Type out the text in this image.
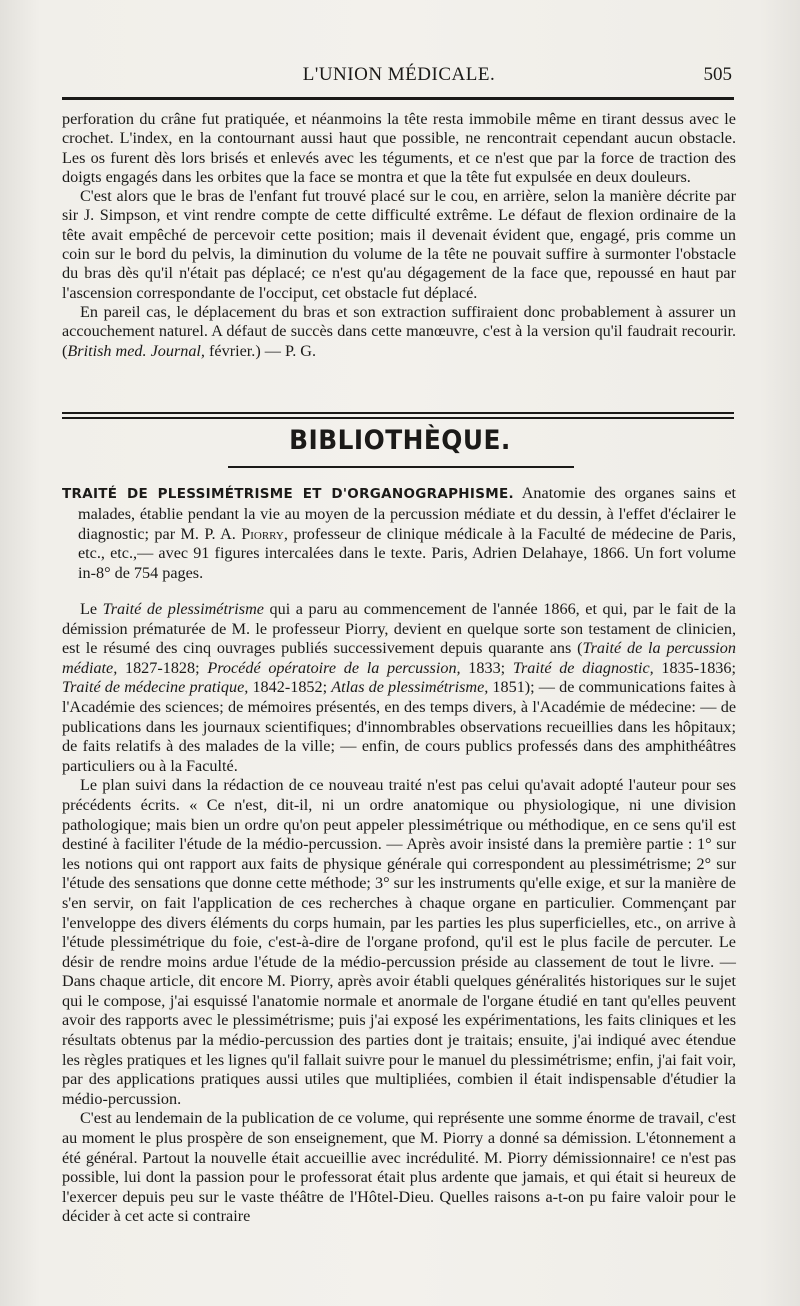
L'UNION MÉDICALE.	505

perforation du crâne fut pratiquée, et néanmoins la tête resta immobile même en tirant dessus avec le crochet. L'index, en la contournant aussi haut que possible, ne rencontrait cependant aucun obstacle. Les os furent dès lors brisés et enlevés avec les téguments, et ce n'est que par la force de traction des doigts engagés dans les orbites que la face se montra et que la tête fut expulsée en deux douleurs.

C'est alors que le bras de l'enfant fut trouvé placé sur le cou, en arrière, selon la manière décrite par sir J. Simpson, et vint rendre compte de cette difficulté extrême. Le défaut de flexion ordinaire de la tête avait empêché de percevoir cette position; mais il devenait évident que, engagé, pris comme un coin sur le bord du pelvis, la diminution du volume de la tête ne pouvait suffire à surmonter l'obstacle du bras dès qu'il n'était pas déplacé; ce n'est qu'au dégagement de la face que, repoussé en haut par l'ascension correspondante de l'occiput, cet obstacle fut déplacé.

En pareil cas, le déplacement du bras et son extraction suffiraient donc probablement à assurer un accouchement naturel. A défaut de succès dans cette manœuvre, c'est à la version qu'il faudrait recourir. (British med. Journal, février.) — P. G.

BIBLIOTHÈQUE.
TRAITÉ DE PLESSIMÉTRISME ET D'ORGANOGRAPHISME. Anatomie des organes sains et malades, établie pendant la vie au moyen de la percussion médiate et du dessin, à l'effet d'éclairer le diagnostic; par M. P. A. Piorry, professeur de clinique médicale à la Faculté de médecine de Paris, etc., etc.,— avec 91 figures intercalées dans le texte. Paris, Adrien Delahaye, 1866. Un fort volume in-8° de 754 pages.

Le Traité de plessimétrisme qui a paru au commencement de l'année 1866, et qui, par le fait de la démission prématurée de M. le professeur Piorry, devient en quelque sorte son testament de clinicien, est le résumé des cinq ouvrages publiés successivement depuis quarante ans (Traité de la percussion médiate, 1827-1828; Procédé opératoire de la percussion, 1833; Traité de diagnostic, 1835-1836; Traité de médecine pratique, 1842-1852; Atlas de plessimétrisme, 1851); — de communications faites à l'Académie des sciences; de mémoires présentés, en des temps divers, à l'Académie de médecine: — de publications dans les journaux scientifiques; d'innombrables observations recueillies dans les hôpitaux; de faits relatifs à des malades de la ville; — enfin, de cours publics professés dans des amphithéâtres particuliers ou à la Faculté.

Le plan suivi dans la rédaction de ce nouveau traité n'est pas celui qu'avait adopté l'auteur pour ses précédents écrits. « Ce n'est, dit-il, ni un ordre anatomique ou physiologique, ni une division pathologique; mais bien un ordre qu'on peut appeler plessimétrique ou méthodique, en ce sens qu'il est destiné à faciliter l'étude de la médio-percussion. — Après avoir insisté dans la première partie : 1° sur les notions qui ont rapport aux faits de physique générale qui correspondent au plessimétrisme; 2° sur l'étude des sensations que donne cette méthode; 3° sur les instruments qu'elle exige, et sur la manière de s'en servir, on fait l'application de ces recherches à chaque organe en particulier. Commençant par l'enveloppe des divers éléments du corps humain, par les parties les plus superficielles, etc., on arrive à l'étude plessimétrique du foie, c'est-à-dire de l'organe profond, qu'il est le plus facile de percuter. Le désir de rendre moins ardue l'étude de la médio-percussion préside au classement de tout le livre. — Dans chaque article, dit encore M. Piorry, après avoir établi quelques généralités historiques sur le sujet qui le compose, j'ai esquissé l'anatomie normale et anormale de l'organe étudié en tant qu'elles peuvent avoir des rapports avec le plessimétrisme; puis j'ai exposé les expérimentations, les faits cliniques et les résultats obtenus par la médio-percussion des parties dont je traitais; ensuite, j'ai indiqué avec étendue les règles pratiques et les lignes qu'il fallait suivre pour le manuel du plessimétrisme; enfin, j'ai fait voir, par des applications pratiques aussi utiles que multipliées, combien il était indispensable d'étudier la médio-percussion.

C'est au lendemain de la publication de ce volume, qui représente une somme énorme de travail, c'est au moment le plus prospère de son enseignement, que M. Piorry a donné sa démission. L'étonnement a été général. Partout la nouvelle était accueillie avec incrédulité. M. Piorry démissionnaire! ce n'est pas possible, lui dont la passion pour le professorat était plus ardente que jamais, et qui était si heureux de l'exercer depuis peu sur le vaste théâtre de l'Hôtel-Dieu. Quelles raisons a-t-on pu faire valoir pour le décider à cet acte si contraire
